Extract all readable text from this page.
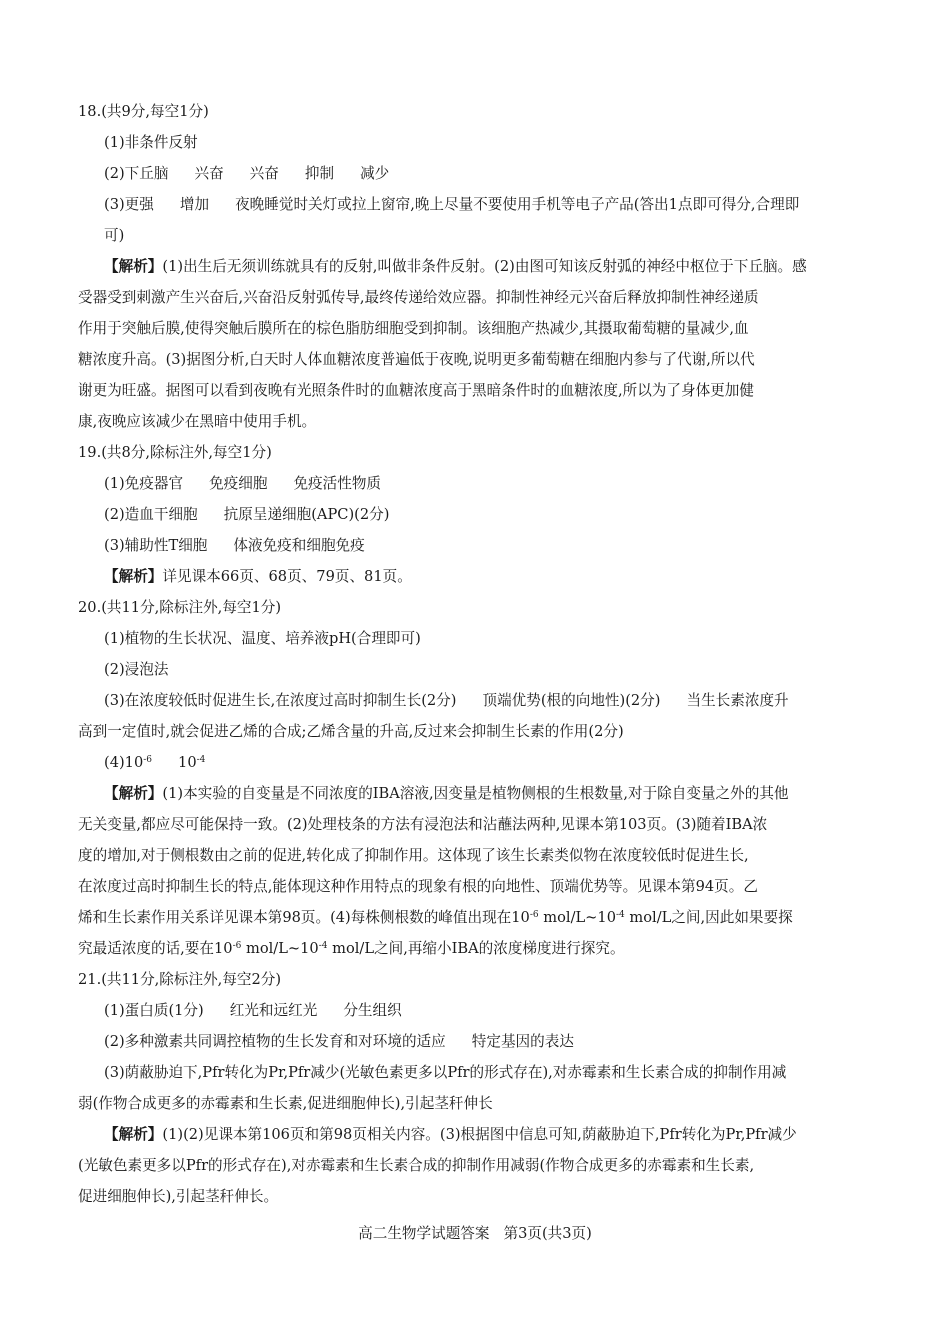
18.(共9分,每空1分)
(1)非条件反射
(2)下丘脑 兴奋 兴奋 抑制 减少
(3)更强 增加 夜晚睡觉时关灯或拉上窗帘,晚上尽量不要使用手机等电子产品(答出1点即可得分,合理即
可)
【解析】(1)出生后无须训练就具有的反射,叫做非条件反射。(2)由图可知该反射弧的神经中枢位于下丘脑。感
受器受到刺激产生兴奋后,兴奋沿反射弧传导,最终传递给效应器。抑制性神经元兴奋后释放抑制性神经递质
作用于突触后膜,使得突触后膜所在的棕色脂肪细胞受到抑制。该细胞产热减少,其摄取葡萄糖的量减少,血
糖浓度升高。(3)据图分析,白天时人体血糖浓度普遍低于夜晚,说明更多葡萄糖在细胞内参与了代谢,所以代
谢更为旺盛。据图可以看到夜晚有光照条件时的血糖浓度高于黑暗条件时的血糖浓度,所以为了身体更加健
康,夜晚应该减少在黑暗中使用手机。
19.(共8分,除标注外,每空1分)
(1)免疫器官 免疫细胞 免疫活性物质
(2)造血干细胞 抗原呈递细胞(APC)(2分)
(3)辅助性T细胞 体液免疫和细胞免疫
【解析】详见课本66页、68页、79页、81页。
20.(共11分,除标注外,每空1分)
(1)植物的生长状况、温度、培养液pH(合理即可)
(2)浸泡法
(3)在浓度较低时促进生长,在浓度过高时抑制生长(2分) 顶端优势(根的向地性)(2分) 当生长素浓度升
高到一定值时,就会促进乙烯的合成;乙烯含量的升高,反过来会抑制生长素的作用(2分)
$(4)10^{-6}$ $10^{-4}$
【解析】(1)本实验的自变量是不同浓度的IBA溶液,因变量是植物侧根的生根数量,对于除自变量之外的其他
无关变量,都应尽可能保持一致。(2)处理枝条的方法有浸泡法和沾蘸法两种,见课本第103页。(3)随着IBA浓
度的增加,对于侧根数由之前的促进,转化成了抑制作用。这体现了该生长素类似物在浓度较低时促进生长,
在浓度过高时抑制生长的特点,能体现这种作用特点的现象有根的向地性、顶端优势等。见课本第94页。乙
烯和生长素作用关系详见课本第98页。(4)每株侧根数的峰值出现在$10^{-6}$ mol/$L\sim 10^{-4}$ mol/L之间,因此如果要探
究最适浓度的话,要在$10^{-6}$ mol/$L\sim 10^{-4}$ mol/L之间,再缩小IBA的浓度梯度进行探究。
21.(共11分,除标注外,每空2分)
(1)蛋白质(1分) 红光和远红光 分生组织
(2)多种激素共同调控植物的生长发育和对环境的适应 特定基因的表达
(3)荫蔽胁迫下,Pfr转化为Pr,Pfr减少(光敏色素更多以Pfr的形式存在),对赤霉素和生长素合成的抑制作用减
弱(作物合成更多的赤霉素和生长素,促进细胞伸长),引起茎秆伸长
【解析】(1)(2)见课本第106页和第98页相关内容。(3)根据图中信息可知,荫蔽胁迫下,Pfr转化为Pr,Pfr减少
(光敏色素更多以Pfr的形式存在),对赤霉素和生长素合成的抑制作用减弱(作物合成更多的赤霉素和生长素,
促进细胞伸长),引起茎秆伸长。
高二生物学试题答案 第3页(共3页)
